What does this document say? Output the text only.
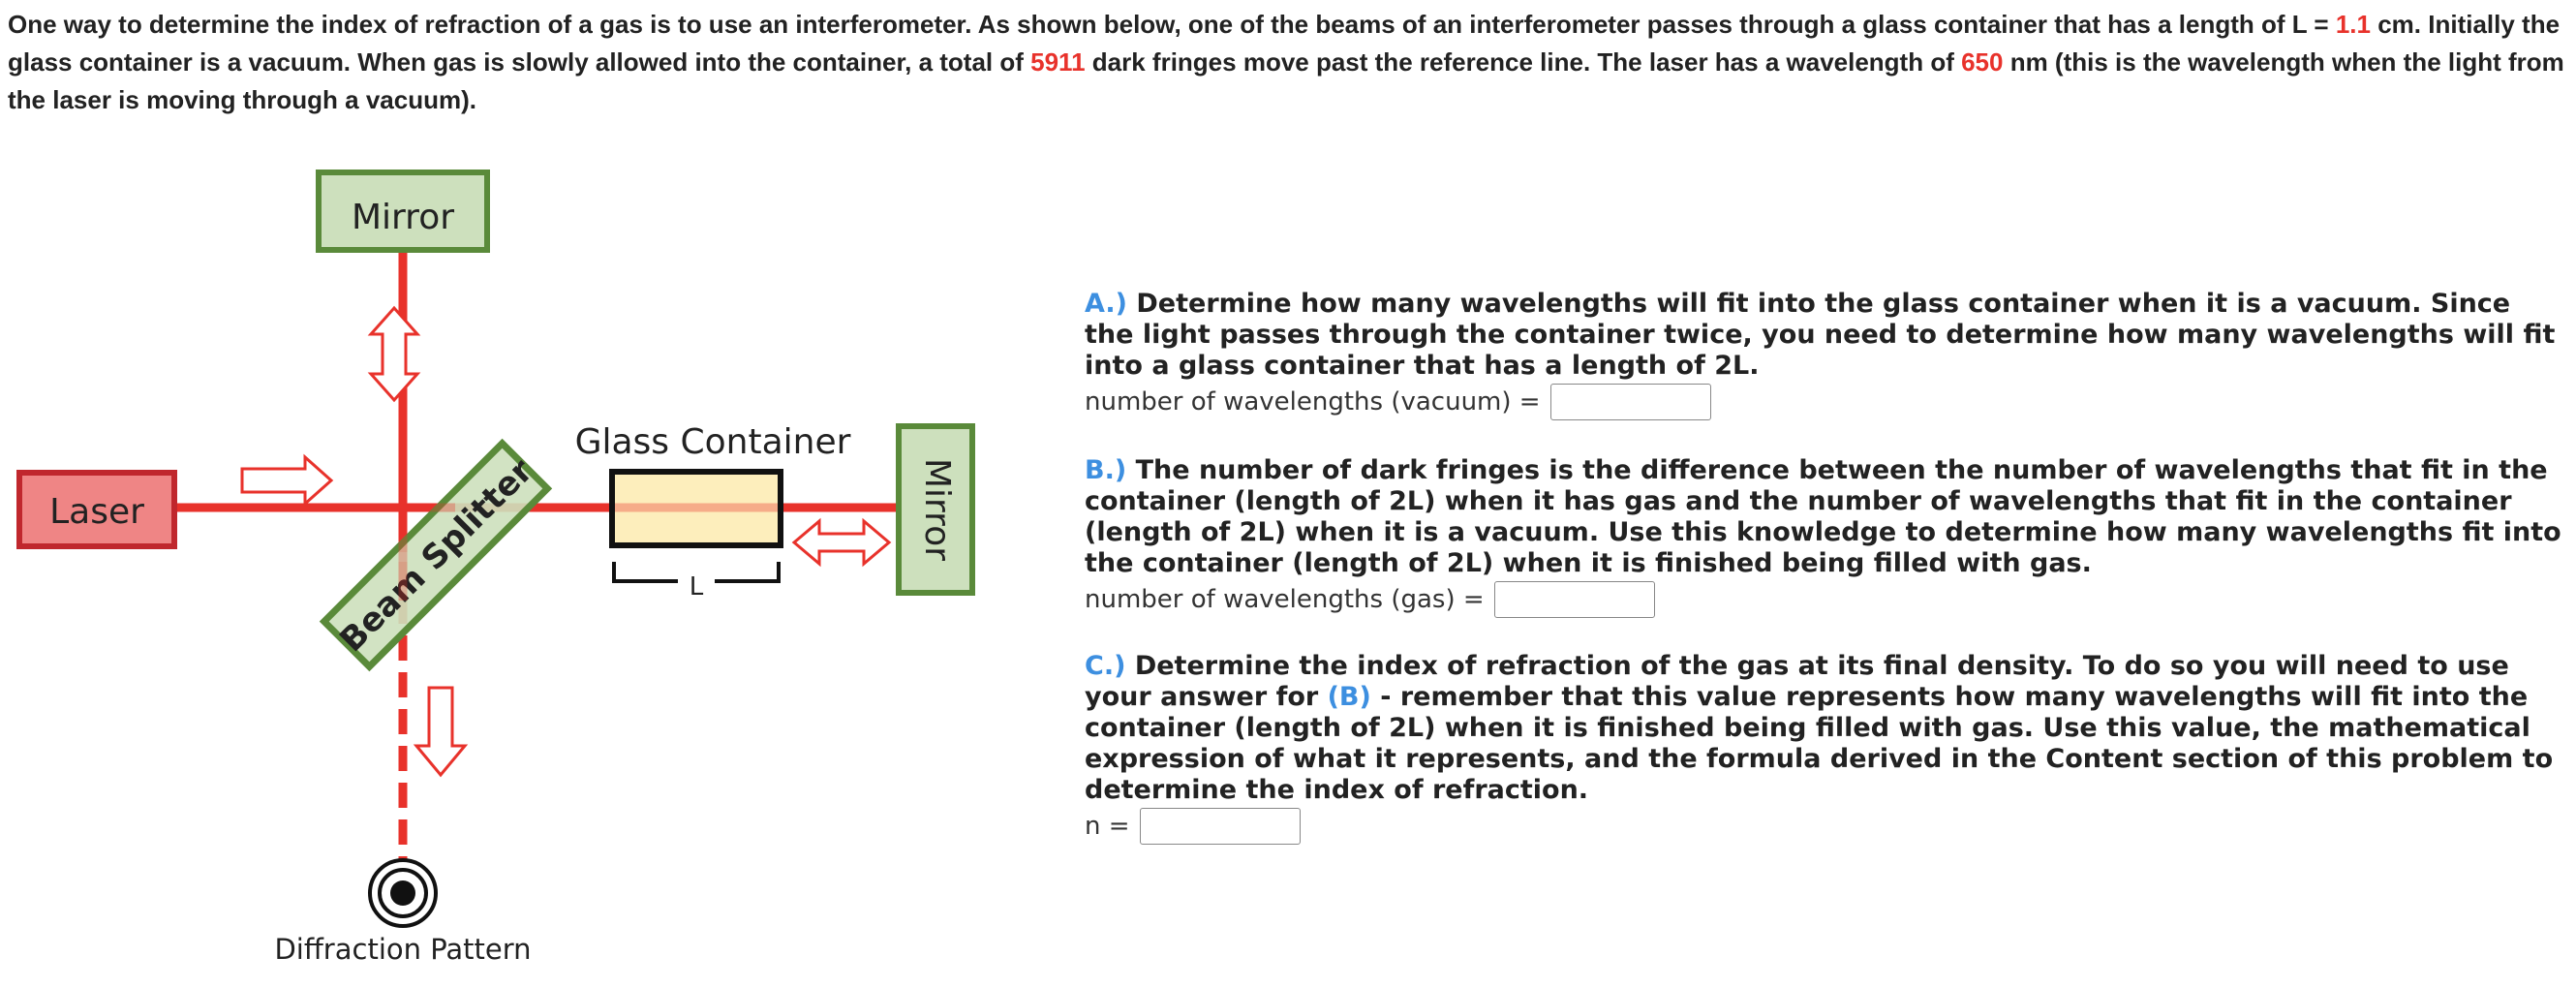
One way to determine the index of refraction of a gas is to use an interferometer. As shown below, one of the beams of an interferometer passes through a glass container that has a length of L = 1.1 cm. Initially the glass container is a vacuum. When gas is slowly allowed into the container, a total of 5911 dark fringes move past the reference line. The laser has a wavelength of 650 nm (this is the wavelength when the light from the laser is moving through a vacuum).
Mirror
Laser	Mirror
Glass Container
L
Beam Splitter
Diffraction Pattern
A.) Determine how many wavelengths will fit into the glass container when it is a vacuum. Since the light passes through the container twice, you need to determine how many wavelengths will fit into a glass container that has a length of 2L.
number of wavelengths (vacuum) =
B.) The number of dark fringes is the difference between the number of wavelengths that fit in the container (length of 2L) when it has gas and the number of wavelengths that fit in the container (length of 2L) when it is a vacuum. Use this knowledge to determine how many wavelengths fit into the container (length of 2L) when it is finished being filled with gas.
number of wavelengths (gas) =
C.) Determine the index of refraction of the gas at its final density. To do so you will need to use your answer for (B) - remember that this value represents how many wavelengths will fit into the container (length of 2L) when it is finished being filled with gas. Use this value, the mathematical expression of what it represents, and the formula derived in the Content section of this problem to determine the index of refraction.
n =
